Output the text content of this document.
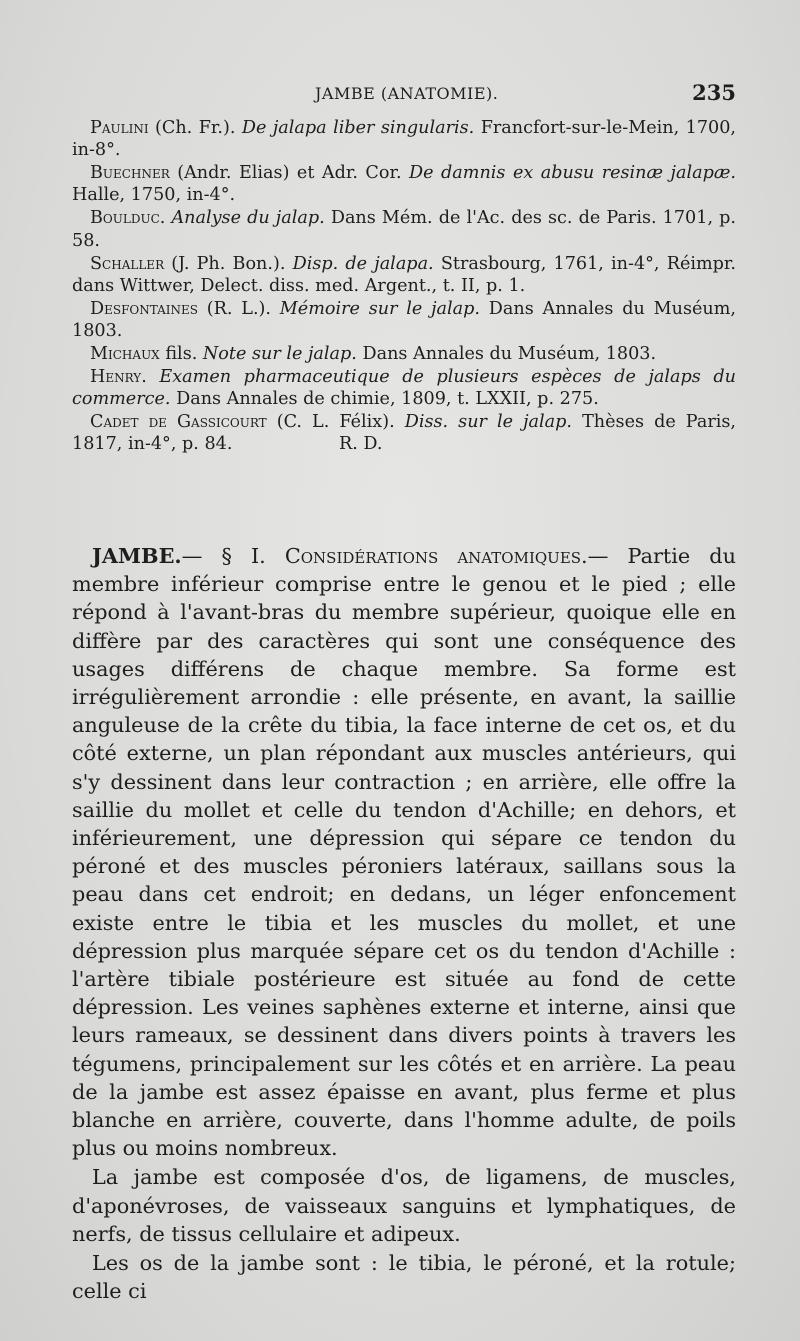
JAMBE (ANATOMIE).	235

Paulini (Ch. Fr.). De jalapa liber singularis. Francfort-sur-le-Mein, 1700, in-8°.

Buechner (Andr. Elias) et Adr. Cor. De damnis ex abusu resinæ jalapæ. Halle, 1750, in-4°.

Boulduc. Analyse du jalap. Dans Mém. de l'Ac. des sc. de Paris. 1701, p. 58.

Schaller (J. Ph. Bon.). Disp. de jalapa. Strasbourg, 1761, in-4°, Réimpr. dans Wittwer, Delect. diss. med. Argent., t. II, p. 1.

Desfontaines (R. L.). Mémoire sur le jalap. Dans Annales du Muséum, 1803.

Michaux fils. Note sur le jalap. Dans Annales du Muséum, 1803.

Henry. Examen pharmaceutique de plusieurs espèces de jalaps du commerce. Dans Annales de chimie, 1809, t. LXXII, p. 275.

Cadet de Gassicourt (C. L. Félix). Diss. sur le jalap. Thèses de Paris, 1817, in-4°, p. 84.	R. D.

JAMBE.— § I. Considérations anatomiques.— Partie du membre inférieur comprise entre le genou et le pied ; elle répond à l'avant-bras du membre supérieur, quoique elle en diffère par des caractères qui sont une conséquence des usages différens de chaque membre. Sa forme est irrégulièrement arrondie : elle présente, en avant, la saillie anguleuse de la crête du tibia, la face interne de cet os, et du côté externe, un plan répondant aux muscles antérieurs, qui s'y dessinent dans leur contraction ; en arrière, elle offre la saillie du mollet et celle du tendon d'Achille; en dehors, et inférieurement, une dépression qui sépare ce tendon du péroné et des muscles péroniers latéraux, saillans sous la peau dans cet endroit; en dedans, un léger enfoncement existe entre le tibia et les muscles du mollet, et une dépression plus marquée sépare cet os du tendon d'Achille : l'artère tibiale postérieure est située au fond de cette dépression. Les veines saphènes externe et interne, ainsi que leurs rameaux, se dessinent dans divers points à travers les tégumens, principalement sur les côtés et en arrière. La peau de la jambe est assez épaisse en avant, plus ferme et plus blanche en arrière, couverte, dans l'homme adulte, de poils plus ou moins nombreux.

La jambe est composée d'os, de ligamens, de muscles, d'aponévroses, de vaisseaux sanguins et lymphatiques, de nerfs, de tissus cellulaire et adipeux.

Les os de la jambe sont : le tibia, le péroné, et la rotule; celle ci
